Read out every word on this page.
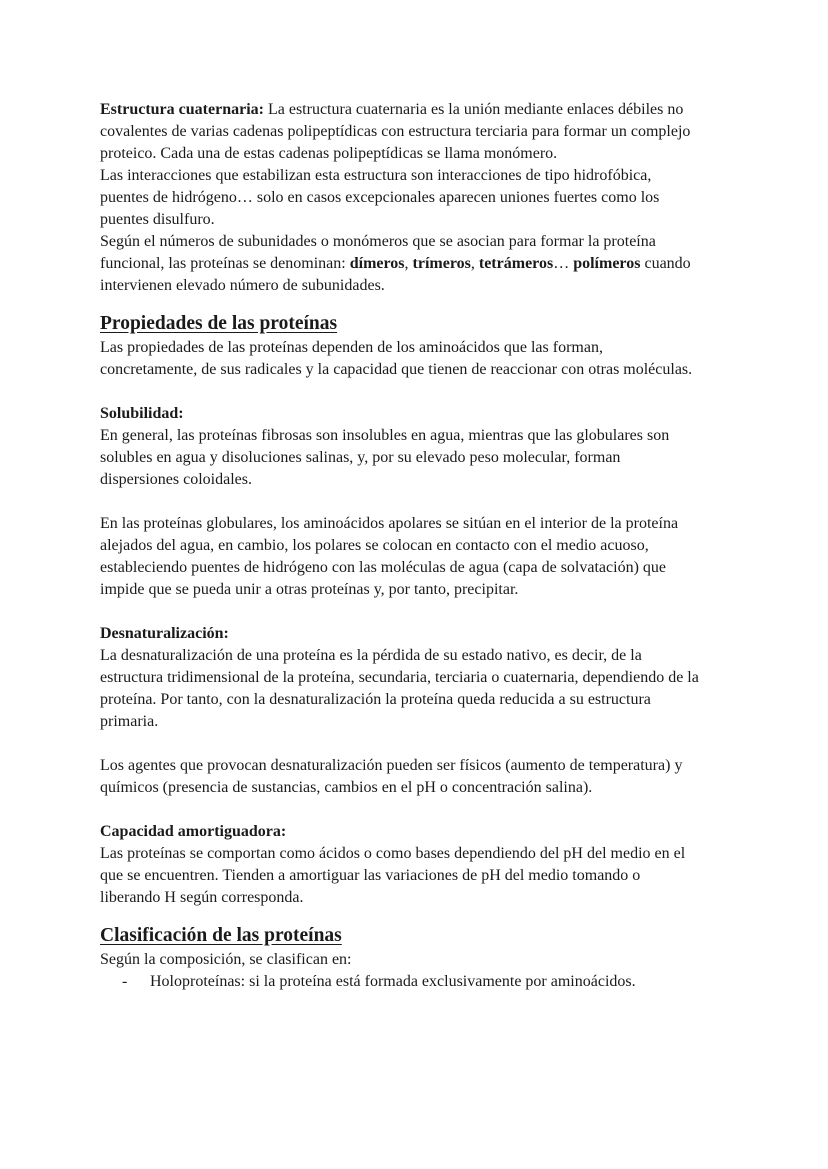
Estructura cuaternaria: La estructura cuaternaria es la unión mediante enlaces débiles no
covalentes de varias cadenas polipeptídicas con estructura terciaria para formar un complejo
proteico. Cada una de estas cadenas polipeptídicas se llama monómero.
Las interacciones que estabilizan esta estructura son interacciones de tipo hidrofóbica,
puentes de hidrógeno… solo en casos excepcionales aparecen uniones fuertes como los
puentes disulfuro.
Según el números de subunidades o monómeros que se asocian para formar la proteína
funcional, las proteínas se denominan: dímeros, trímeros, tetrámeros… polímeros cuando
intervienen elevado número de subunidades.
Propiedades de las proteínas
Las propiedades de las proteínas dependen de los aminoácidos que las forman,
concretamente, de sus radicales y la capacidad que tienen de reaccionar con otras moléculas.
Solubilidad:
En general, las proteínas fibrosas son insolubles en agua, mientras que las globulares son
solubles en agua y disoluciones salinas, y, por su elevado peso molecular, forman
dispersiones coloidales.
En las proteínas globulares, los aminoácidos apolares se sitúan en el interior de la proteína
alejados del agua, en cambio, los polares se colocan en contacto con el medio acuoso,
estableciendo puentes de hidrógeno con las moléculas de agua (capa de solvatación) que
impide que se pueda unir a otras proteínas y, por tanto, precipitar.
Desnaturalización:
La desnaturalización de una proteína es la pérdida de su estado nativo, es decir, de la
estructura tridimensional de la proteína, secundaria, terciaria o cuaternaria, dependiendo de la
proteína. Por tanto, con la desnaturalización la proteína queda reducida a su estructura
primaria.
Los agentes que provocan desnaturalización pueden ser físicos (aumento de temperatura) y
químicos (presencia de sustancias, cambios en el pH o concentración salina).
Capacidad amortiguadora:
Las proteínas se comportan como ácidos o como bases dependiendo del pH del medio en el
que se encuentren. Tienden a amortiguar las variaciones de pH del medio tomando o
liberando H según corresponda.
Clasificación de las proteínas
Según la composición, se clasifican en:
- Holoproteínas: si la proteína está formada exclusivamente por aminoácidos.
